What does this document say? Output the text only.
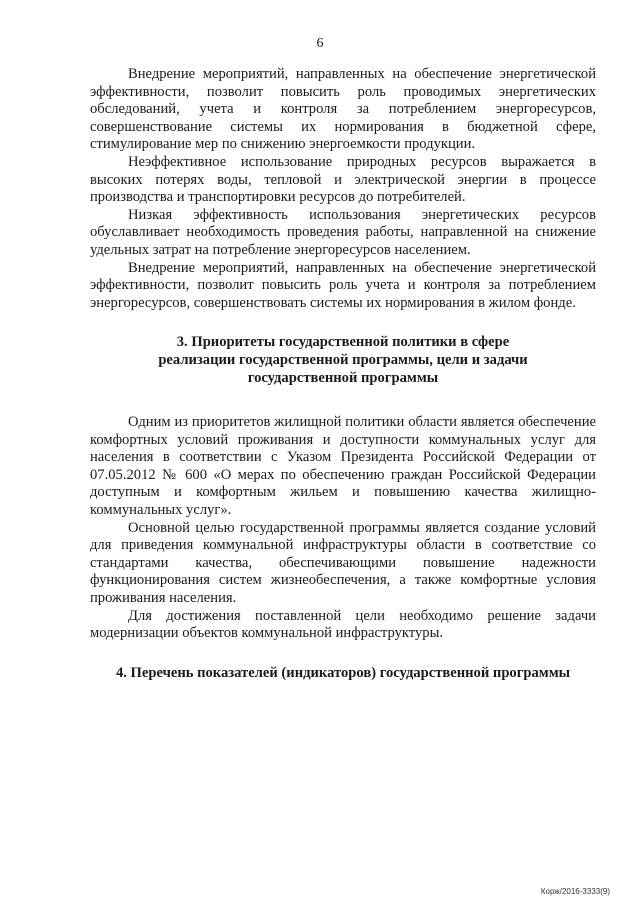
6

Внедрение мероприятий, направленных на обеспечение энергетической эффективности, позволит повысить роль проводимых энергетических обследований, учета и контроля за потреблением энергоресурсов, совершенствование системы их нормирования в бюджетной сфере, стимулирование мер по снижению энергоемкости продукции.

Неэффективное использование природных ресурсов выражается в высоких потерях воды, тепловой и электрической энергии в процессе производства и транспортировки ресурсов до потребителей.

Низкая эффективность использования энергетических ресурсов обуславливает необходимость проведения работы, направленной на снижение удельных затрат на потребление энергоресурсов населением.

Внедрение мероприятий, направленных на обеспечение энергетической эффективности, позволит повысить роль учета и контроля за потреблением энергоресурсов, совершенствовать системы их нормирования в жилом фонде.

3. Приоритеты государственной политики в сфере
реализации государственной программы, цели и задачи
государственной программы

Одним из приоритетов жилищной политики области является обеспечение комфортных условий проживания и доступности коммунальных услуг для населения в соответствии с Указом Президента Российской Федерации от 07.05.2012 № 600 «О мерах по обеспечению граждан Российской Федерации доступным и комфортным жильем и повышению качества жилищно-коммунальных услуг».

Основной целью государственной программы является создание условий для приведения коммунальной инфраструктуры области в соответствие со стандартами качества, обеспечивающими повышение надежности функционирования систем жизнеобеспечения, а также комфортные условия проживания населения.

Для достижения поставленной цели необходимо решение задачи модернизации объектов коммунальной инфраструктуры.

4. Перечень показателей (индикаторов) государственной программы
Корж/2016-3333(9)
